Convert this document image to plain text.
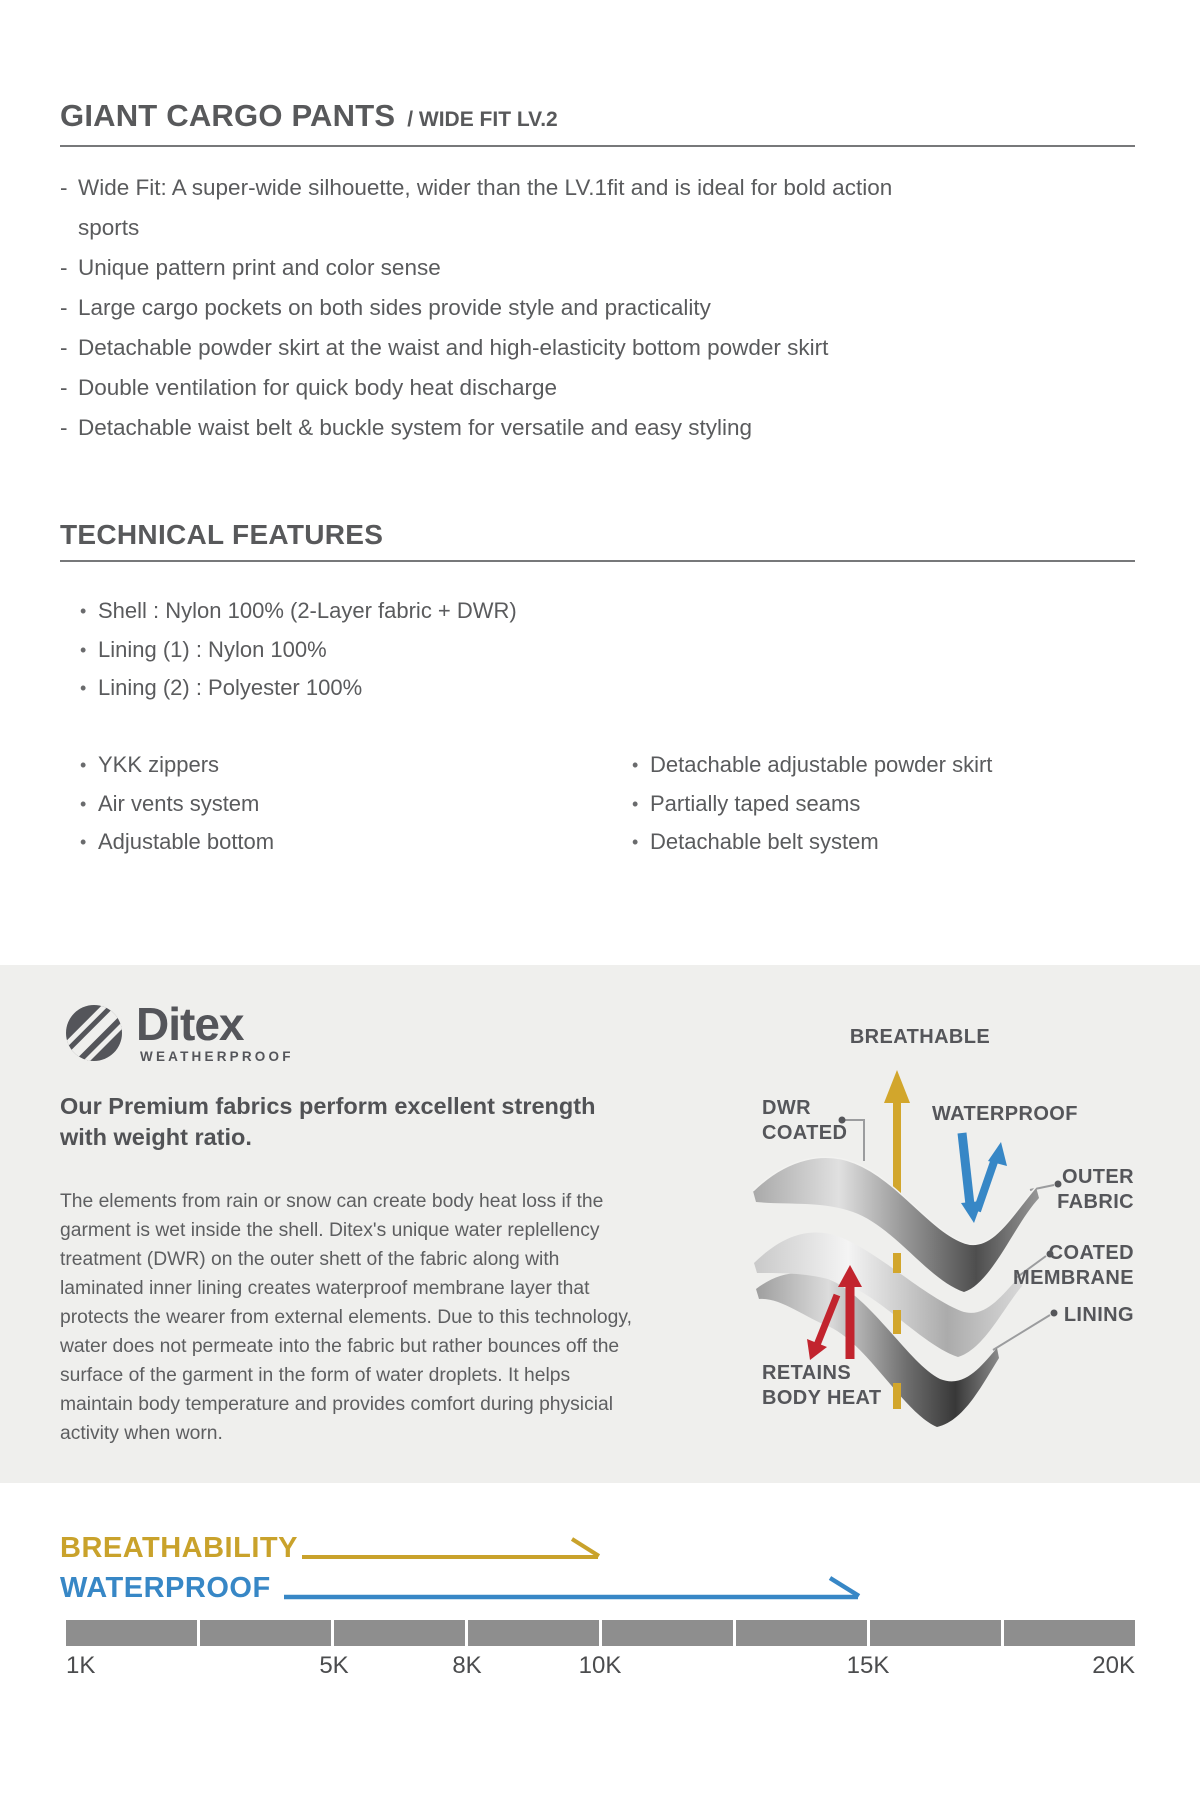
GIANT CARGO PANTS / WIDE FIT LV.2
- Wide Fit: A super-wide silhouette, wider than the LV.1fit and is ideal for bold action sports
- Unique pattern print and color sense
- Large cargo pockets on both sides provide style and practicality
- Detachable powder skirt at the waist and high-elasticity bottom powder skirt
- Double ventilation for quick body heat discharge
- Detachable waist belt & buckle system for versatile and easy styling
TECHNICAL FEATURES
• Shell : Nylon 100% (2-Layer fabric + DWR)
• Lining (1) : Nylon 100%
• Lining (2) : Polyester 100%
• YKK zippers
• Air vents system
• Adjustable bottom
• Detachable adjustable powder skirt
• Partially taped seams
• Detachable belt system
Ditex
WEATHERPROOF
Our Premium fabrics perform excellent strength with weight ratio.
The elements from rain or snow can create body heat loss if the garment is wet inside the shell. Ditex's unique water replellency treatment (DWR) on the outer shett of the fabric along with laminated inner lining creates waterproof membrane layer that protects the wearer from external elements. Due to this technology, water does not permeate into the fabric but rather bounces off the surface of the garment in the form of water droplets. It helps maintain body temperature and provides comfort during physicial activity when worn.
BREATHABLE
DWR COATED
WATERPROOF
OUTER FABRIC
COATED MEMBRANE
LINING
RETAINS BODY HEAT
BREATHABILITY
WATERPROOF
1K	5K	8K	10K	15K	20K
